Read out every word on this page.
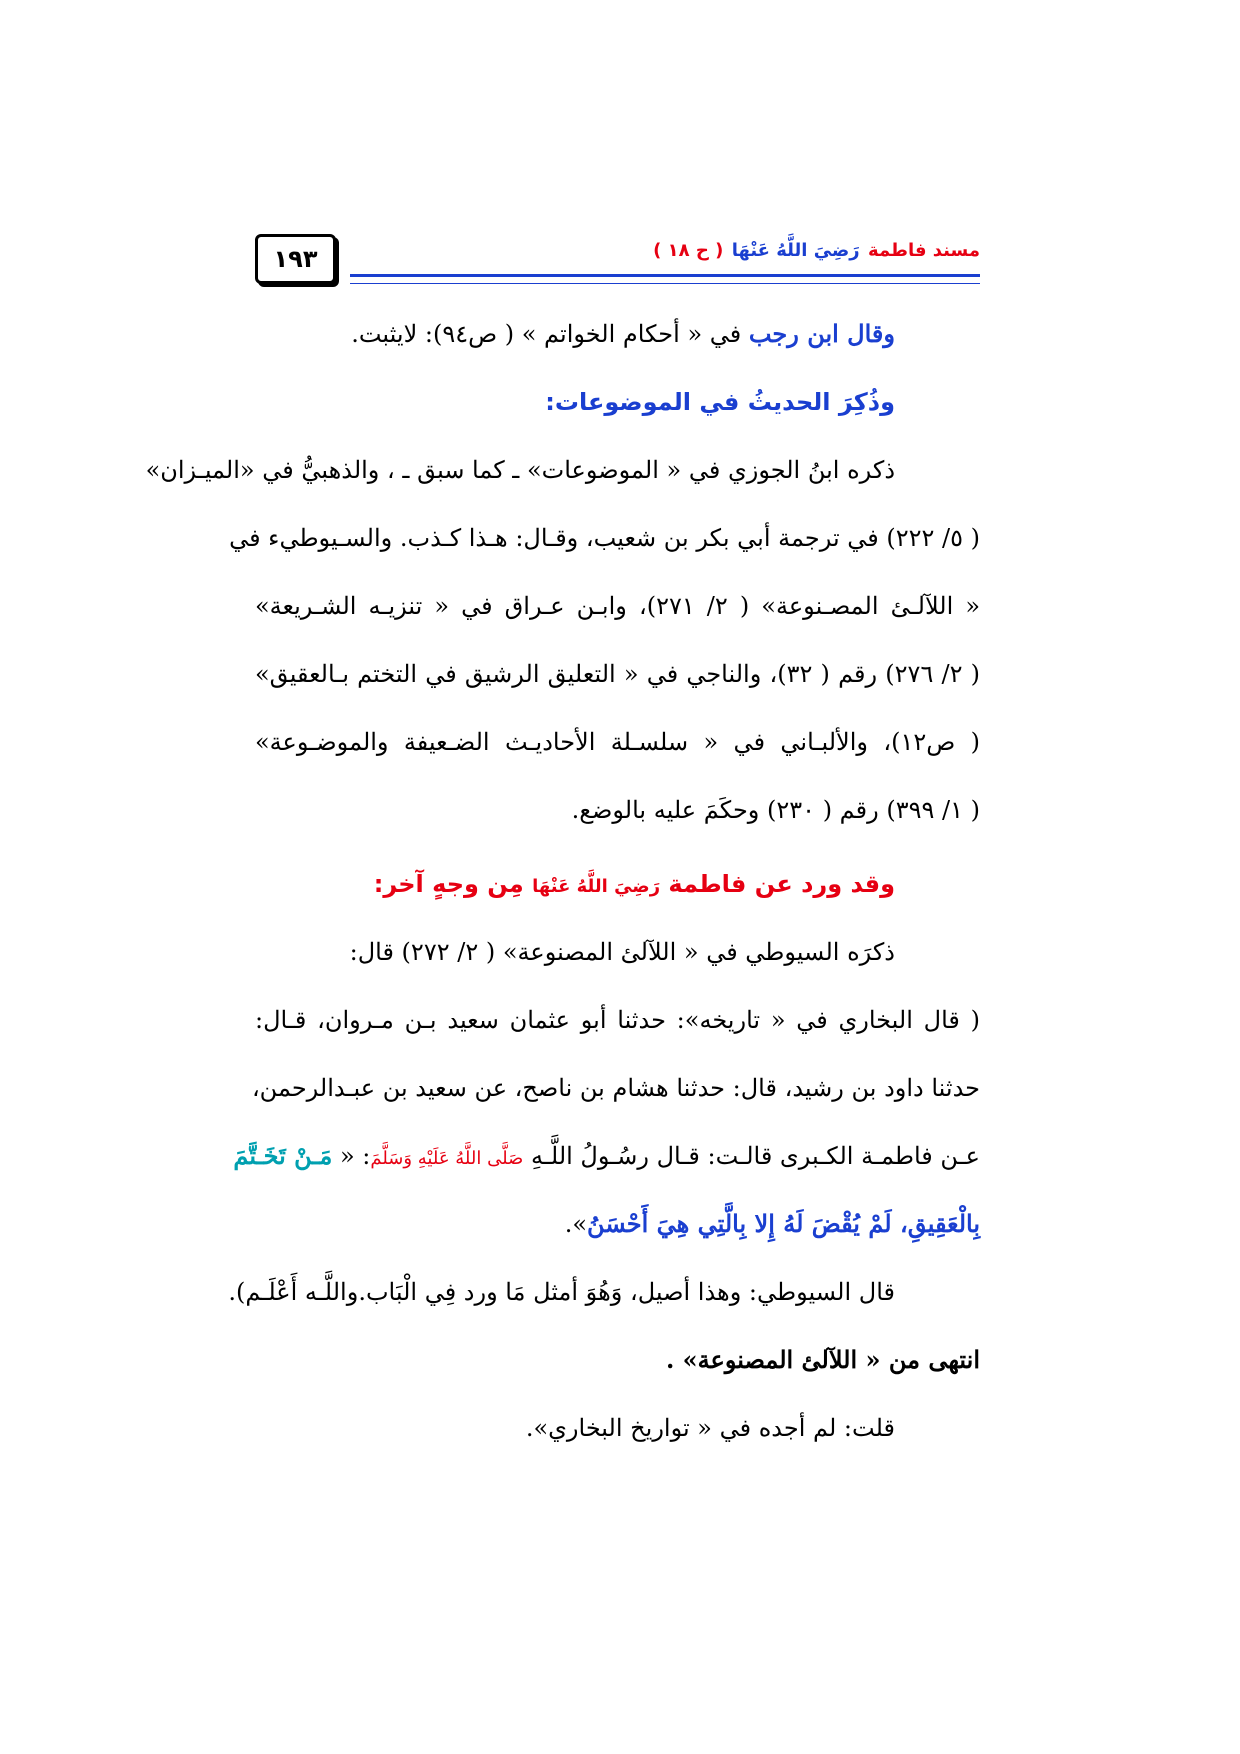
١٩٣	مسند فاطمة رَضِيَ اللَّهُ عَنْهَا ( ح ١٨ )
وقال ابن رجب في « أحكام الخواتم » ( ص٩٤): لايثبت.
وذُكِرَ الحديثُ في الموضوعات:
ذكره ابنُ الجوزي في « الموضوعات» ـ كما سبق ـ ، والذهبيُّ في «الميـزان»
( ٥/ ٢٢٢) في ترجمة أبي بكر بن شعيب، وقـال: هـذا كـذب. والسـيوطيء في
« اللآلـئ المصـنوعة» ( ٢/ ٢٧١)، وابـن عـراق في « تنزيـه الشـريعة»
( ٢/ ٢٧٦) رقم ( ٣٢)، والناجي في « التعليق الرشيق في التختم بـالعقيق»
( ص١٢)، والألبـاني في « سلسـلة الأحاديـث الضـعيفة والموضـوعة»
( ١/ ٣٩٩) رقم ( ٢٣٠) وحكَمَ عليه بالوضع.
وقد ورد عن فاطمة رَضِيَ اللَّهُ عَنْهَا مِن وجهٍ آخر:
ذكرَه السيوطي في « اللآلئ المصنوعة» ( ٢/ ٢٧٢) قال:
( قال البخاري في « تاريخه»: حدثنا أبو عثمان سعيد بـن مـروان، قـال:
حدثنا داود بن رشيد، قال: حدثنا هشام بن ناصح، عن سعيد بن عبـدالرحمن،
عـن فاطمـة الكـبرى قالـت: قـال رسُـولُ اللَّـهِ صَلَّى اللَّهُ عَلَيْهِ وَسَلَّمَ: « مَـنْ تَخَـتَّمَ
بِالْعَقِيقِ، لَمْ يُقْضَ لَهُ إِلا بِالَّتِي هِيَ أَحْسَنُ».
قال السيوطي: وهذا أصيل، وَهُوَ أمثل مَا ورد فِي الْبَاب.واللَّـه أَعْلَـم).
انتهى من « اللآلئ المصنوعة» .
قلت: لم أجده في « تواريخ البخاري».
